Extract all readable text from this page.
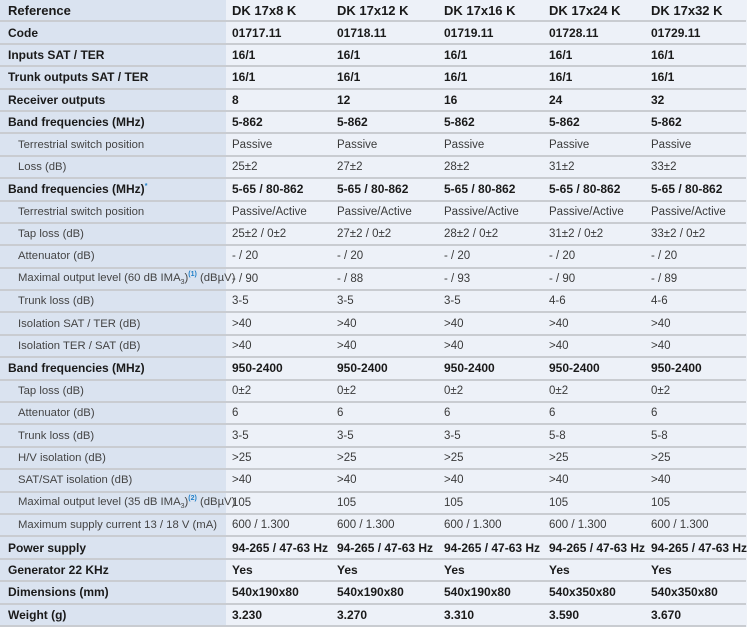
Reference	DK 17x8 K	DK 17x12 K	DK 17x16 K	DK 17x24 K	DK 17x32 K
Code	01717.11	01718.11	01719.11	01728.11	01729.11
Inputs SAT / TER	16/1	16/1	16/1	16/1	16/1
Trunk outputs SAT / TER	16/1	16/1	16/1	16/1	16/1
Receiver outputs	8	12	16	24	32
Band frequencies (MHz)	5-862	5-862	5-862	5-862	5-862
Terrestrial switch position	Passive	Passive	Passive	Passive	Passive
Loss (dB)	25±2	27±2	28±2	31±2	33±2
Band frequencies (MHz)*	5-65 / 80-862	5-65 / 80-862	5-65 / 80-862	5-65 / 80-862	5-65 / 80-862
Terrestrial switch position	Passive/Active	Passive/Active	Passive/Active	Passive/Active	Passive/Active
Tap loss (dB)	25±2 / 0±2	27±2 / 0±2	28±2 / 0±2	31±2 / 0±2	33±2 / 0±2
Attenuator (dB)	- / 20	- / 20	- / 20	- / 20	- / 20
Maximal output level (60 dB $IMA_3)^{(1)}$ (dBµV)	- / 90	- / 88	- / 93	- / 90	- / 89
Trunk loss (dB)	3-5	3-5	3-5	4-6	4-6
Isolation SAT / TER (dB)	>40	>40	>40	>40	>40
Isolation TER / SAT (dB)	>40	>40	>40	>40	>40
Band frequencies (MHz)	950-2400	950-2400	950-2400	950-2400	950-2400
Tap loss (dB)	0±2	0±2	0±2	0±2	0±2
Attenuator (dB)	6	6	6	6	6
Trunk loss (dB)	3-5	3-5	3-5	5-8	5-8
H/V isolation (dB)	>25	>25	>25	>25	>25
SAT/SAT isolation (dB)	>40	>40	>40	>40	>40
Maximal output level (35 dB $IMA_3)^{(2)}$ (dBµV)	105	105	105	105	105
Maximum supply current 13 / 18 V (mA)	600 / 1.300	600 / 1.300	600 / 1.300	600 / 1.300	600 / 1.300
Power supply	94-265 / 47-63 Hz	94-265 / 47-63 Hz	94-265 / 47-63 Hz	94-265 / 47-63 Hz	94-265 / 47-63 Hz
Generator 22 KHz	Yes	Yes	Yes	Yes	Yes
Dimensions (mm)	540x190x80	540x190x80	540x190x80	540x350x80	540x350x80
Weight (g)	3.230	3.270	3.310	3.590	3.670
